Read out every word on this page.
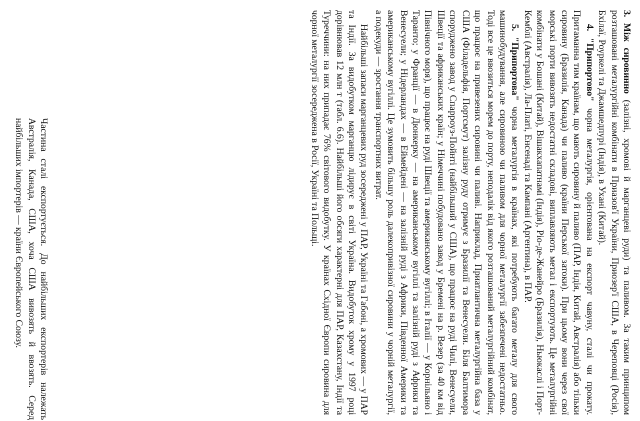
3. Між сировинно (залізні, хромові й марганцеві руди) та паливом. За таким принципом розташовані металургійні комбінати в Приазов'ї України, Приозер'ї США, в Череповці (Росія), Бхілаї, Роуркелі та Джамшедпурі (Індія), в Ухані (Китай).

4. "Припортово" чорна металургія, орієнтована на експорт чавуну, сталі чи прокату. Притаманна тим країнам, що мають сировину й паливо (ПАР, Індія, Китай, Австралія) або тільки сировину (Бразилія, Канада) чи паливо (країни Перської затоки). При цьому вони через свої морські порти вивозять недостатні складові, виплавляють метал і експортують. Це металургійні комбінати у Бошані (Китай), Вішакхапатнамі (Індія), Ріо-де-Жанейро (Бразилія), Ньюкаслі і Порт-Кемблі (Австралія), Ла-Платі, Енсенаді та Кампані (Аргентина), в ПАР.

5. "Припортова" чорна металургія в країнах, які потребують багато металу для свого машинобудування, але сировиною чи паливом для чорної металургії забезпечені недостатньо. Тоді все це ввозиться морем до порту, неподалік від якого розташований металургійний комбінат, що працює на привезених сировині чи паливі. Наприклад, Приатлантична металургійна база у США (Філадельфія, Портсмут) залізну руду отримує з Бразилії та Венесуели. Біля Балтимора споруджено завод у Спарроуз-Пойнті (найбільший у США), що працює на руді Чилі, Венесуели, Швеції та африканських країн; у Німеччині побудовано завод у Бремені на р. Везер (за 40 км від Північного моря), що працює на руді Швеції та американському вугіллі; в Італії — у Корнільяно і Таранто; у Франції — в Дюнкерку — на американському вугіллі та залізній руді з Африки та Венесуели; у Нідерландах — в Еймейдені — на залізній руді з Африки, Південної Америки та американському вугіллі. Це зумовить більшу роль далекопривізної сировини у чорній металургії, а подекуди — зростання транспортних витрат.

Найбільші запаси марганцевих руд зосереджені у ПАР, Україні та Габоні, а хромових — у ПАР та Індії. За видобутком марганцю лідирує в світі Україна. Видобуток хрому у 1997 році дорівнював 12 млн т (табл. 6.6). Найбільші його обсяги характерні для ПАР, Казахстану, Індії та Туреччини: на них припадає 76% світового видобутку. У країнах Східної Європи сировина для чорної металургії зосереджена в Росії, Україні та Польщі.

Частина сталі експортується. До найбільших експортерів належать Австралія, Канада, США, хоча США вивозять й ввозять. Серед найбільших імпортерів — країни Європейського Союзу.
